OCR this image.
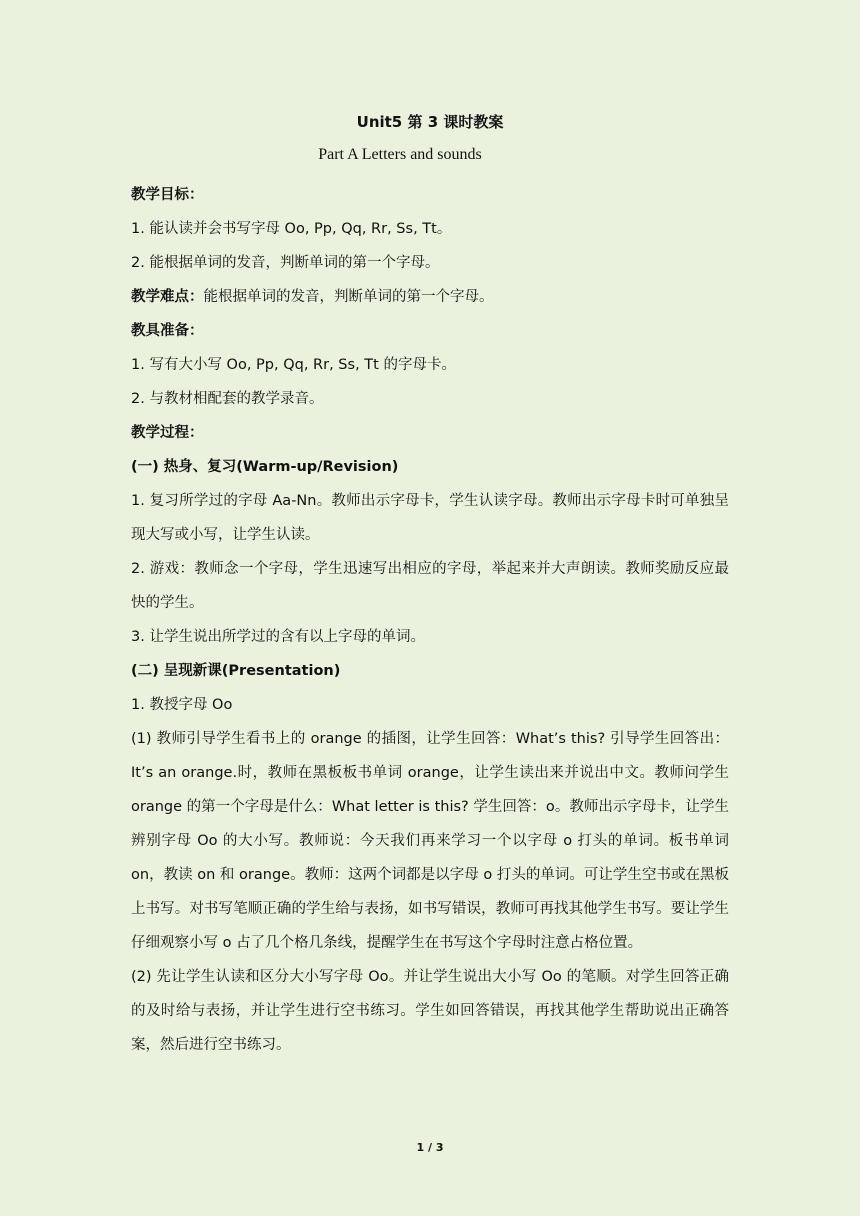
Unit5 第 3 课时教案
Part A Letters and sounds

教学目标：

1. 能认读并会书写字母 Oo, Pp, Qq, Rr, Ss, Tt。

2. 能根据单词的发音，判断单词的第一个字母。

教学难点：能根据单词的发音，判断单词的第一个字母。

教具准备：

1. 写有大小写 Oo, Pp, Qq, Rr, Ss, Tt 的字母卡。

2. 与教材相配套的教学录音。

教学过程：

(一) 热身、复习(Warm-up/Revision)

1. 复习所学过的字母 Aa-Nn。教师出示字母卡，学生认读字母。教师出示字母卡时可单独呈现大写或小写，让学生认读。

2. 游戏：教师念一个字母，学生迅速写出相应的字母，举起来并大声朗读。教师奖励反应最快的学生。

3. 让学生说出所学过的含有以上字母的单词。

(二) 呈现新课(Presentation)

1. 教授字母 Oo

(1) 教师引导学生看书上的 orange 的插图，让学生回答：What’s this? 引导学生回答出：It’s an orange.时，教师在黑板板书单词 orange，让学生读出来并说出中文。教师问学生 orange 的第一个字母是什么：What letter is this? 学生回答：o。教师出示字母卡，让学生辨别字母 Oo 的大小写。教师说：今天我们再来学习一个以字母 o 打头的单词。板书单词 on，教读 on 和 orange。教师：这两个词都是以字母 o 打头的单词。可让学生空书或在黑板上书写。对书写笔顺正确的学生给与表扬，如书写错误，教师可再找其他学生书写。要让学生仔细观察小写 o 占了几个格几条线，提醒学生在书写这个字母时注意占格位置。

(2) 先让学生认读和区分大小写字母 Oo。并让学生说出大小写 Oo 的笔顺。对学生回答正确的及时给与表扬，并让学生进行空书练习。学生如回答错误，再找其他学生帮助说出正确答案，然后进行空书练习。

1 / 3
